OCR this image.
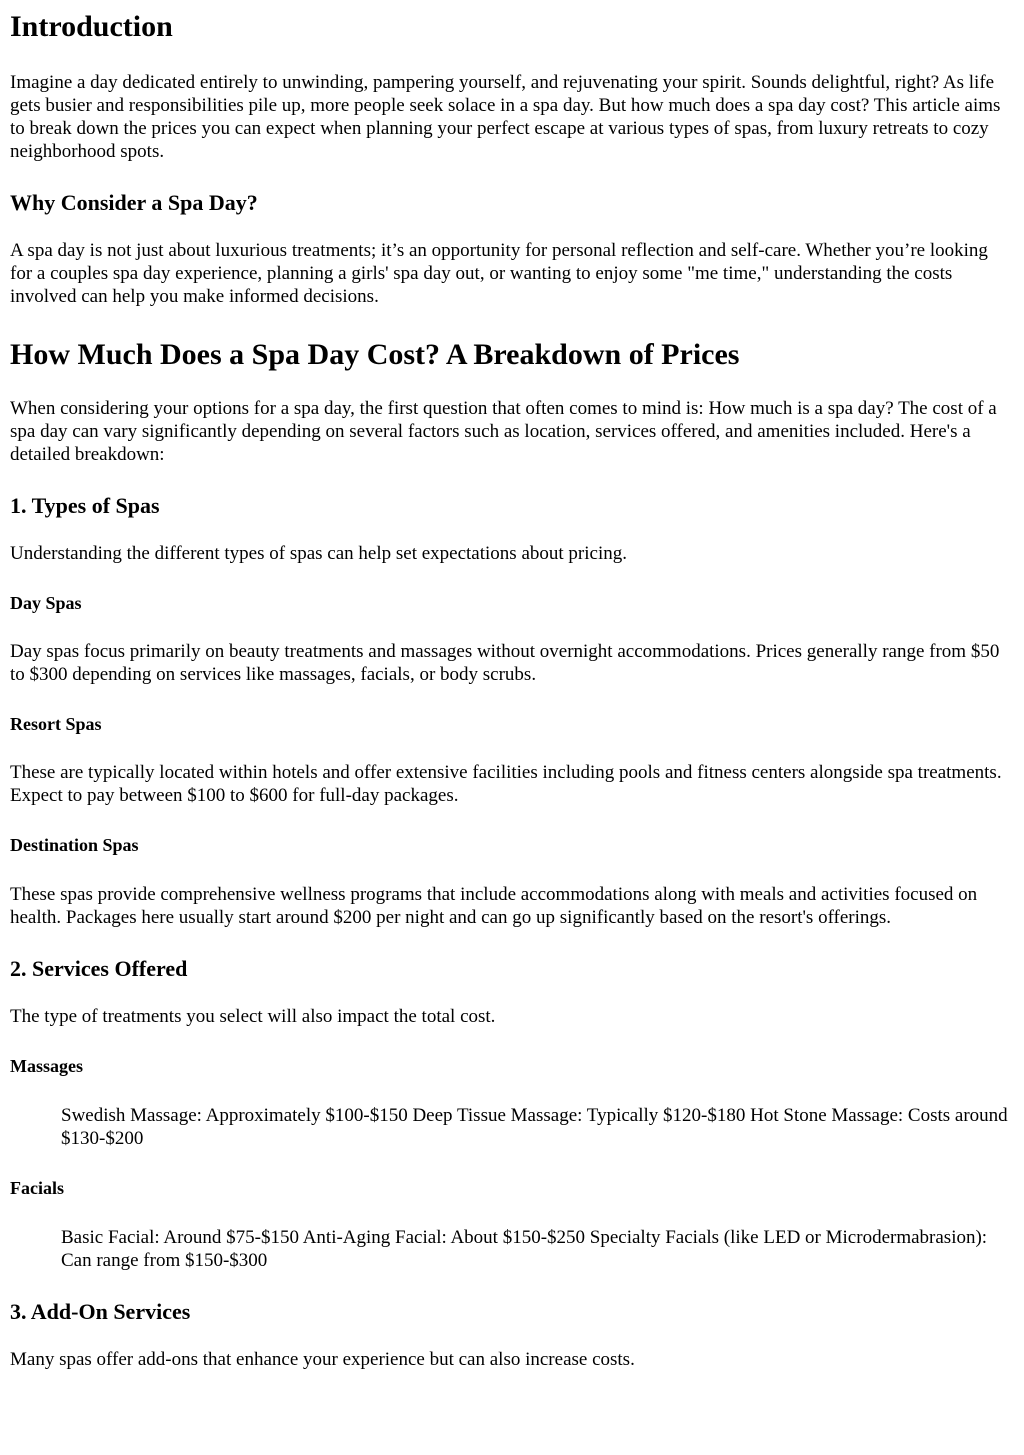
Introduction

Imagine a day dedicated entirely to unwinding, pampering yourself, and rejuvenating your spirit. Sounds delightful, right? As life gets busier and responsibilities pile up, more people seek solace in a spa day. But how much does a spa day cost? This article aims to break down the prices you can expect when planning your perfect escape at various types of spas, from luxury retreats to cozy neighborhood spots.

Why Consider a Spa Day?

A spa day is not just about luxurious treatments; it’s an opportunity for personal reflection and self-care. Whether you’re looking for a couples spa day experience, planning a girls' spa day out, or wanting to enjoy some "me time," understanding the costs involved can help you make informed decisions.

How Much Does a Spa Day Cost? A Breakdown of Prices

When considering your options for a spa day, the first question that often comes to mind is: How much is a spa day? The cost of a spa day can vary significantly depending on several factors such as location, services offered, and amenities included. Here's a detailed breakdown:

1. Types of Spas

Understanding the different types of spas can help set expectations about pricing.

Day Spas

Day spas focus primarily on beauty treatments and massages without overnight accommodations. Prices generally range from $50 to $300 depending on services like massages, facials, or body scrubs.

Resort Spas

These are typically located within hotels and offer extensive facilities including pools and fitness centers alongside spa treatments. Expect to pay between $100 to $600 for full-day packages.

Destination Spas

These spas provide comprehensive wellness programs that include accommodations along with meals and activities focused on health. Packages here usually start around $200 per night and can go up significantly based on the resort's offerings.

2. Services Offered

The type of treatments you select will also impact the total cost.

Massages
Swedish Massage: Approximately $100-$150 Deep Tissue Massage: Typically $120-$180 Hot Stone Massage: Costs around $130-$200
Facials
Basic Facial: Around $75-$150 Anti-Aging Facial: About $150-$250 Specialty Facials (like LED or Microdermabrasion): Can range from $150-$300
3. Add-On Services

Many spas offer add-ons that enhance your experience but can also increase costs.
